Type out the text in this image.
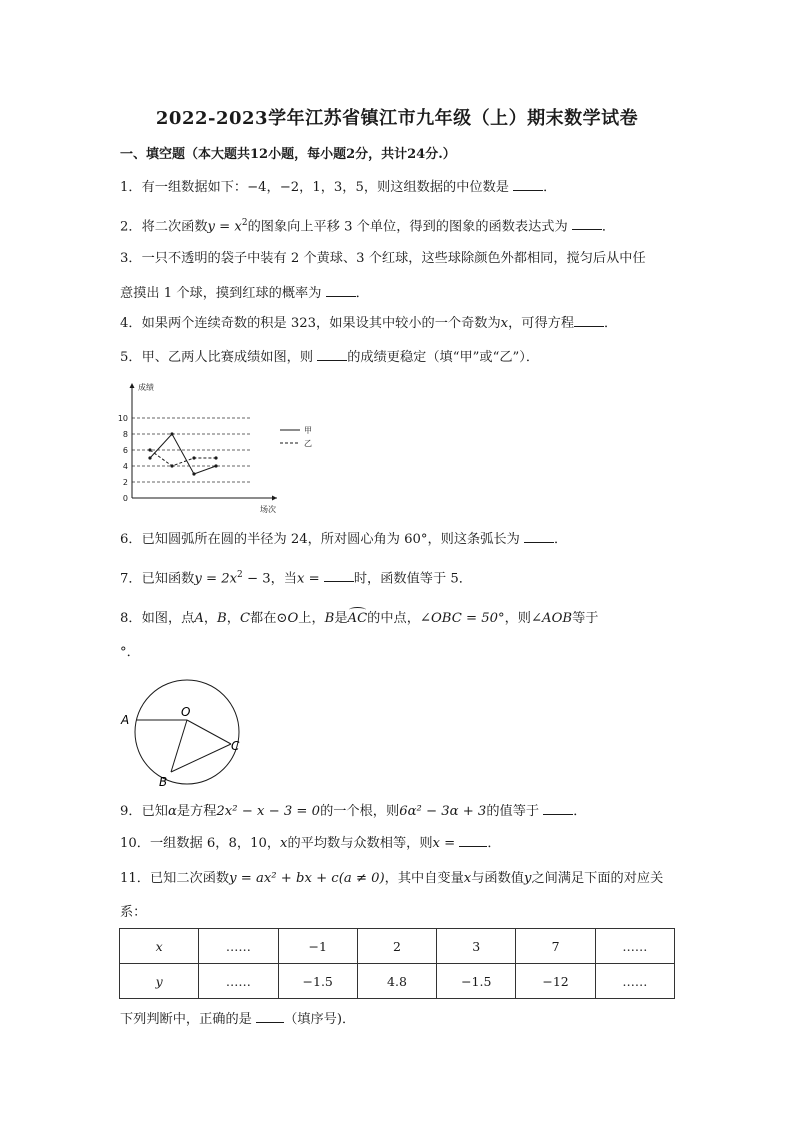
2022-2023学年江苏省镇江市九年级（上）期末数学试卷
一、填空题（本大题共12小题，每小题2分，共计24分.）
1．有一组数据如下：−4，−2，1，3，5，则这组数据的中位数是	．
2．将二次函数$y = x^2$的图象向上平移 3 个单位，得到的图象的函数表达式为	．
3．一只不透明的袋子中装有 2 个黄球、3 个红球，这些球除颜色外都相同，搅匀后从中任
意摸出 1 个球，摸到红球的概率为	．
4．如果两个连续奇数的积是 323，如果设其中较小的一个奇数为x，可得方程 ．
5．甲、乙两人比赛成绩如图，则	的成绩更稳定（填“甲”或“乙”）．
成绩
场次
0
2
4
6
8
10
甲
乙
6．已知圆弧所在圆的半径为 24，所对圆心角为 60°，则这条弧长为	．
7．已知函数$y = 2x^2 - 3$，当x = 时，函数值等于 5．
8．如图，点A，B，C都在⊙O上，B是AC的中点，∠OBC = 50°，则∠AOB等于
°．
A
O
C
B
9．已知α是方程2x² − x − 3 = 0的一个根，则6α² − 3α + 3的值等于	．
10．一组数据 6，8，10，x的平均数与众数相等，则x = ．
11．已知二次函数y = ax² + bx + c(a ≠ 0)，其中自变量x与函数值y之间满足下面的对应关
系：
x	……	−1	2	3	7	……
y	……	−1.5	4.8	−1.5	−12	……
下列判断中，正确的是 （填序号)．
